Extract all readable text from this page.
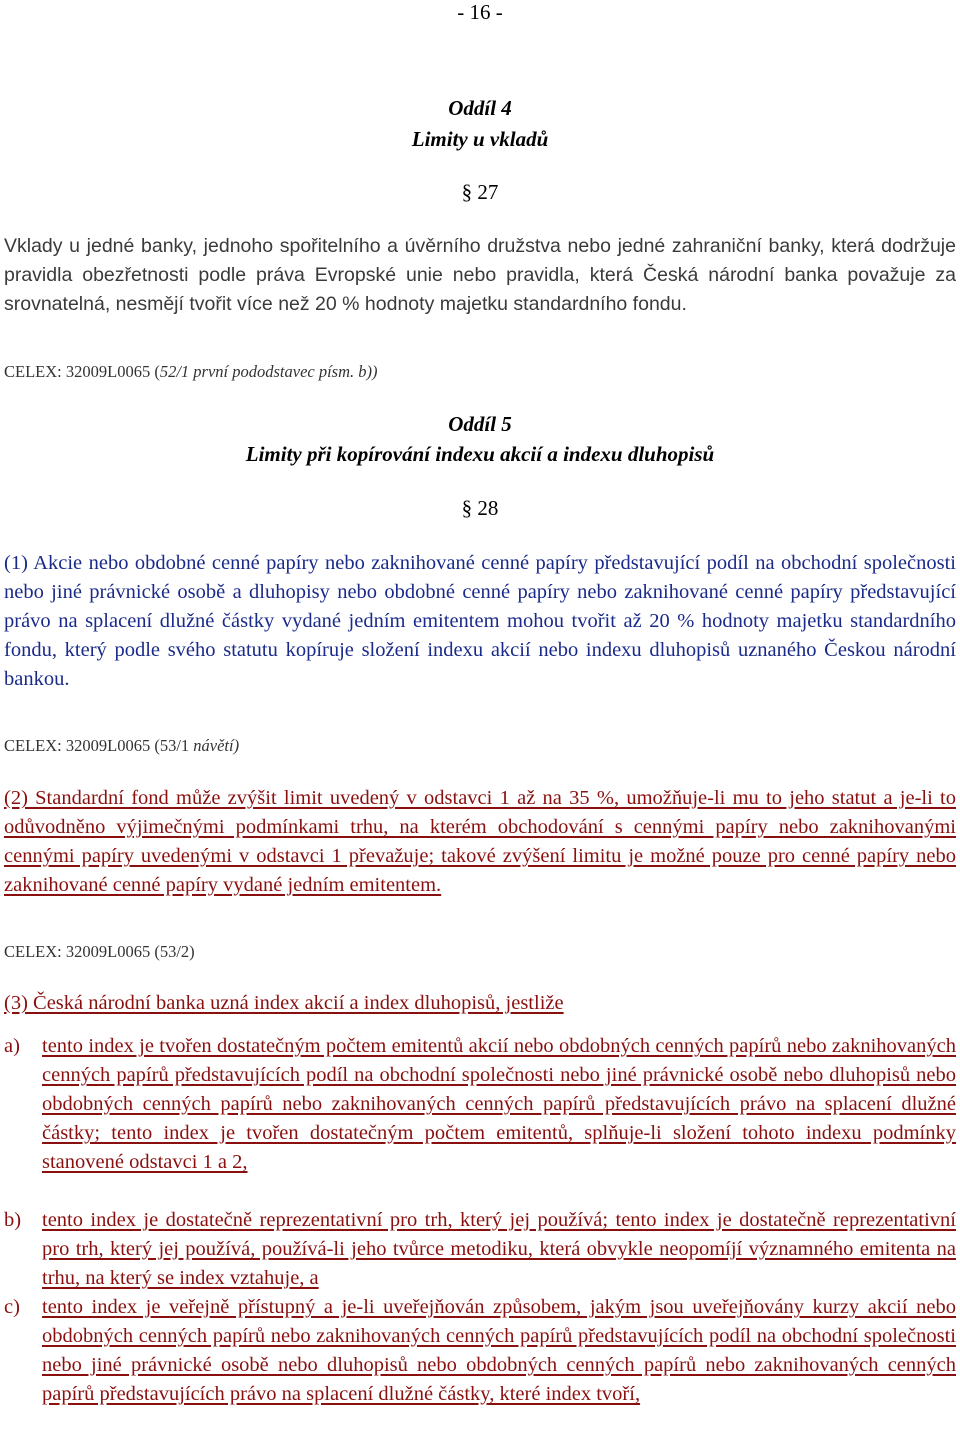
- 16 -
Oddíl 4
Limity u vkladů
§ 27

Vklady u jedné banky, jednoho spořitelního a úvěrního družstva nebo jedné zahraniční banky, která dodržuje pravidla obezřetnosti podle práva Evropské unie nebo pravidla, která Česká národní banka považuje za srovnatelná, nesmějí tvořit více než 20 % hodnoty majetku standardního fondu.

CELEX: 32009L0065 (52/1 první pododstavec písm. b))
Oddíl 5
Limity při kopírování indexu akcií a indexu dluhopisů
§ 28

(1) Akcie nebo obdobné cenné papíry nebo zaknihované cenné papíry představující podíl na obchodní společnosti nebo jiné právnické osobě a dluhopisy nebo obdobné cenné papíry nebo zaknihované cenné papíry představující právo na splacení dlužné částky vydané jedním emitentem mohou tvořit až 20 % hodnoty majetku standardního fondu, který podle svého statutu kopíruje složení indexu akcií nebo indexu dluhopisů uznaného Českou národní bankou.

CELEX: 32009L0065 (53/1 návětí)

(2) Standardní fond může zvýšit limit uvedený v odstavci 1 až na 35 %, umožňuje-li mu to jeho statut a je-li to odůvodněno výjimečnými podmínkami trhu, na kterém obchodování s cennými papíry nebo zaknihovanými cennými papíry uvedenými v odstavci 1 převažuje; takové zvýšení limitu je možné pouze pro cenné papíry nebo zaknihované cenné papíry vydané jedním emitentem.

CELEX: 32009L0065 (53/2)

(3) Česká národní banka uzná index akcií a index dluhopisů, jestliže

a)	tento index je tvořen dostatečným počtem emitentů akcií nebo obdobných cenných papírů nebo zaknihovaných cenných papírů představujících podíl na obchodní společnosti nebo jiné právnické osobě nebo dluhopisů nebo obdobných cenných papírů nebo zaknihovaných cenných papírů představujících právo na splacení dlužné částky; tento index je tvořen dostatečným počtem emitentů, splňuje-li složení tohoto indexu podmínky stanovené odstavci 1 a 2,
b)	tento index je dostatečně reprezentativní pro trh, který jej používá; tento index je dostatečně reprezentativní pro trh, který jej používá, používá-li jeho tvůrce metodiku, která obvykle neopomíjí významného emitenta na trhu, na který se index vztahuje, a
c)	tento index je veřejně přístupný a je-li uveřejňován způsobem, jakým jsou uveřejňovány kurzy akcií nebo obdobných cenných papírů nebo zaknihovaných cenných papírů představujících podíl na obchodní společnosti nebo jiné právnické osobě nebo dluhopisů nebo obdobných cenných papírů nebo zaknihovaných cenných papírů představujících právo na splacení dlužné částky, které index tvoří,
